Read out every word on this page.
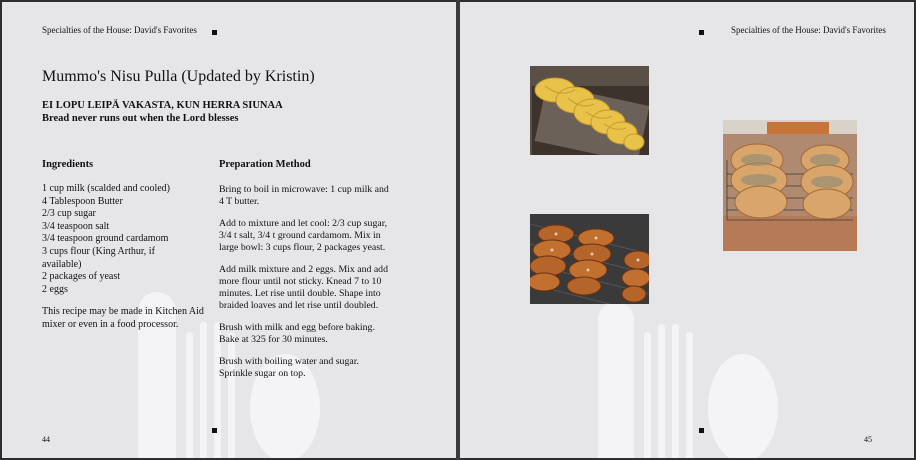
Specialties of the House: David's Favorites
Mummo's Nisu Pulla (Updated by Kristin)
EI LOPU LEIPÄ VAKASTA, KUN HERRA SIUNAA
Bread never runs out when the Lord blesses
Ingredients
1 cup milk (scalded and cooled)
4 Tablespoon Butter
2/3 cup sugar
3/4 teaspoon salt
3/4 teaspoon ground cardamom
3 cups flour (King Arthur, if
available)
2 packages of yeast
2 eggs

This recipe may be made in Kitchen Aid mixer or even in a food processor.

Preparation Method

Bring to boil in microwave: 1 cup milk and 4 T butter.

Add to mixture and let cool: 2/3 cup sugar, 3/4 t salt, 3/4 t ground cardamom. Mix in large bowl: 3 cups flour, 2 packages yeast.

Add milk mixture and 2 eggs. Mix and add more flour until not sticky. Knead 7 to 10 minutes. Let rise until double. Shape into braided loaves and let rise until doubled.

Brush with milk and egg before baking. Bake at 325 for 30 minutes.

Brush with boiling water and sugar. Sprinkle sugar on top.

44
Specialties of the House: David's Favorites
45
